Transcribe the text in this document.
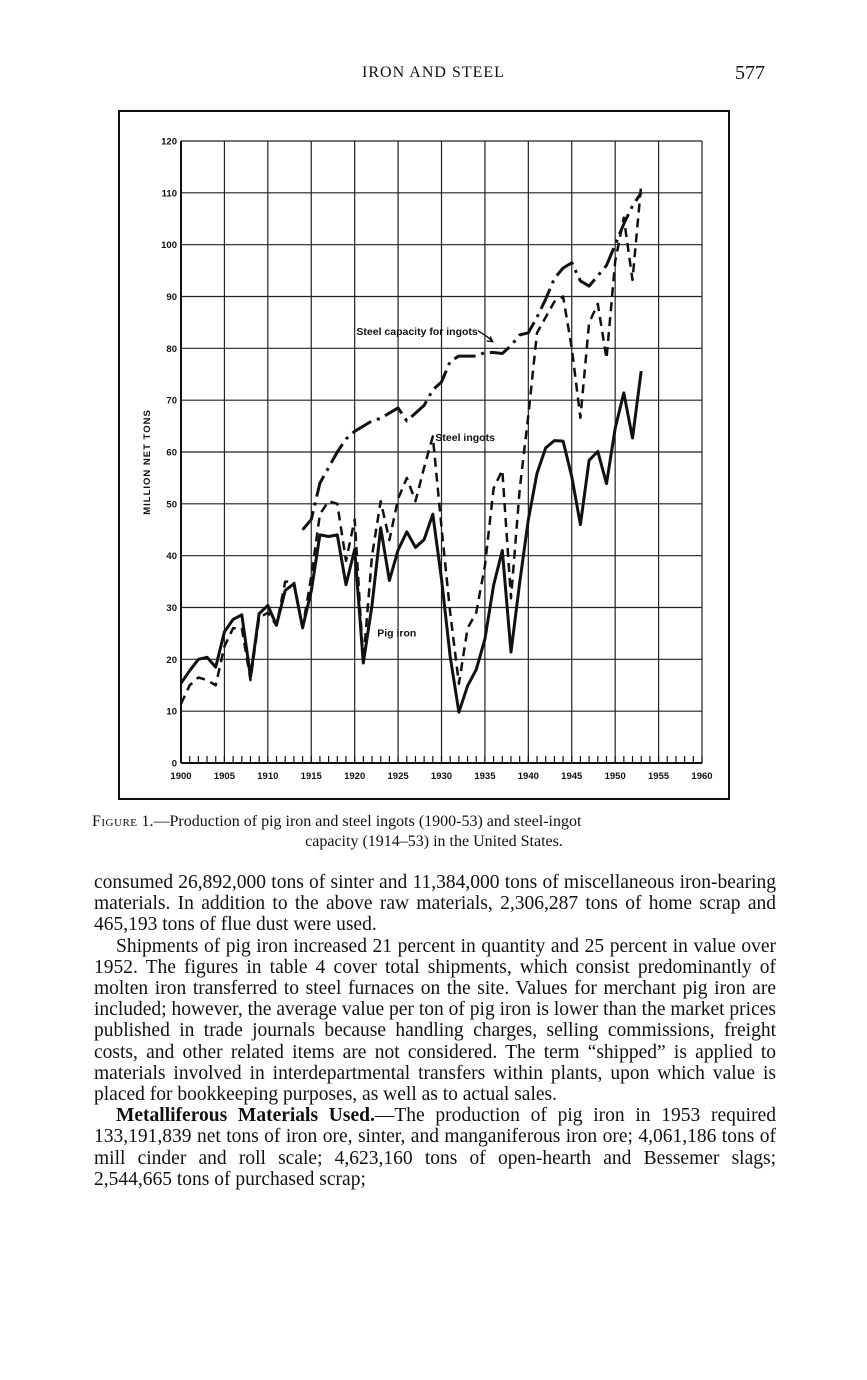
IRON AND STEEL	577
1900 1905 1910 1915 1920 1925 1930 1935 1940 1945 1950 1955 1960
0
10
20
30
40
50
60
70
80
90
100
110
120
MILLION NET TONS
Steel capacity for ingots
Steel ingots
Pig iron
Figure 1.—Production of pig iron and steel ingots (1900-53) and steel-ingot
capacity (1914–53) in the United States.

consumed 26,892,000 tons of sinter and 11,384,000 tons of miscellaneous iron-bearing materials. In addition to the above raw materials, 2,306,287 tons of home scrap and 465,193 tons of flue dust were used.

Shipments of pig iron increased 21 percent in quantity and 25 percent in value over 1952. The figures in table 4 cover total shipments, which consist predominantly of molten iron transferred to steel furnaces on the site. Values for merchant pig iron are included; however, the average value per ton of pig iron is lower than the market prices published in trade journals because handling charges, selling commissions, freight costs, and other related items are not considered. The term “shipped” is applied to materials involved in interdepartmental transfers within plants, upon which value is placed for bookkeeping purposes, as well as to actual sales.

Metalliferous Materials Used.—The production of pig iron in 1953 required 133,191,839 net tons of iron ore, sinter, and manganiferous iron ore; 4,061,186 tons of mill cinder and roll scale; 4,623,160 tons of open-hearth and Bessemer slags; 2,544,665 tons of purchased scrap;
